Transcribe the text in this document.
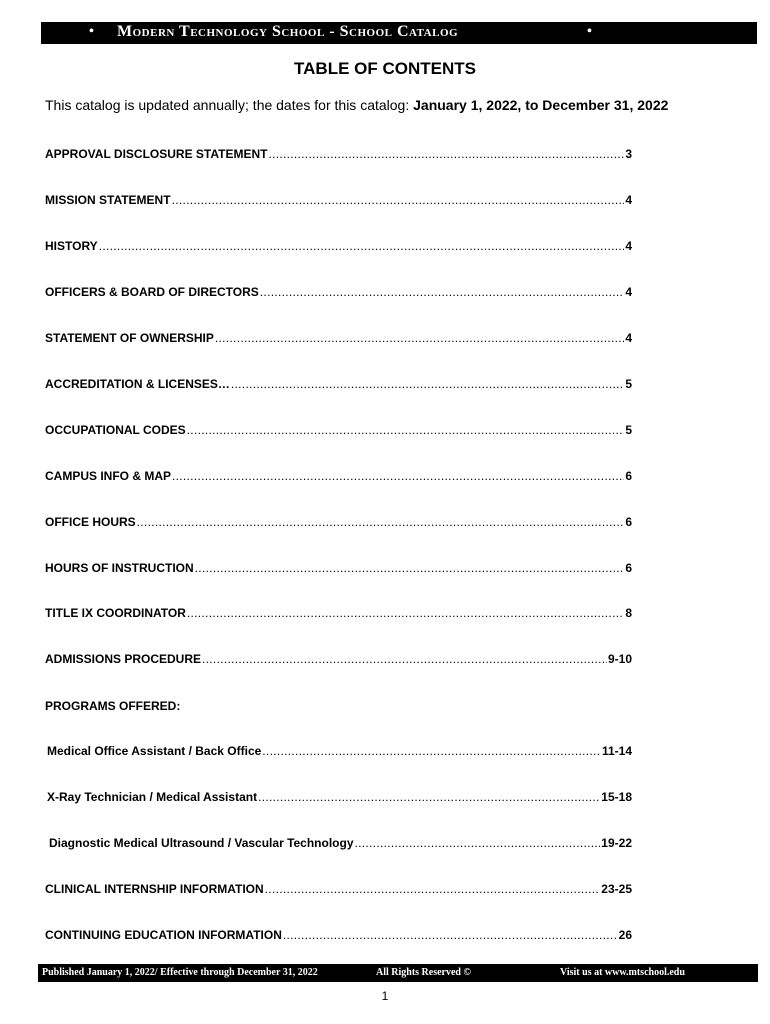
• Modern Technology School - School Catalog	•
TABLE OF CONTENTS
This catalog is updated annually; the dates for this catalog: January 1, 2022, to December 31, 2022
APPROVAL DISCLOSURE STATEMENT .....	3
MISSION STATEMENT .....	4
HISTORY .....	4
OFFICERS & BOARD OF DIRECTORS .....	4
STATEMENT OF OWNERSHIP .....	4
ACCREDITATION & LICENSES… .....	5
OCCUPATIONAL CODES .....	5
CAMPUS INFO & MAP .....	6
OFFICE HOURS .....	6
HOURS OF INSTRUCTION .....	6
TITLE IX COORDINATOR .....	8
ADMISSIONS PROCEDURE .....	9-10
PROGRAMS OFFERED:
Medical Office Assistant / Back Office .....	11-14
X-Ray Technician / Medical Assistant .....	15-18
Diagnostic Medical Ultrasound / Vascular Technology .....	19-22
CLINICAL INTERNSHIP INFORMATION .....	23-25
CONTINUING EDUCATION INFORMATION .....	26
Published January 1, 2022/ Effective through December 31, 2022	All Rights Reserved ©	Visit us at www.mtschool.edu
1
